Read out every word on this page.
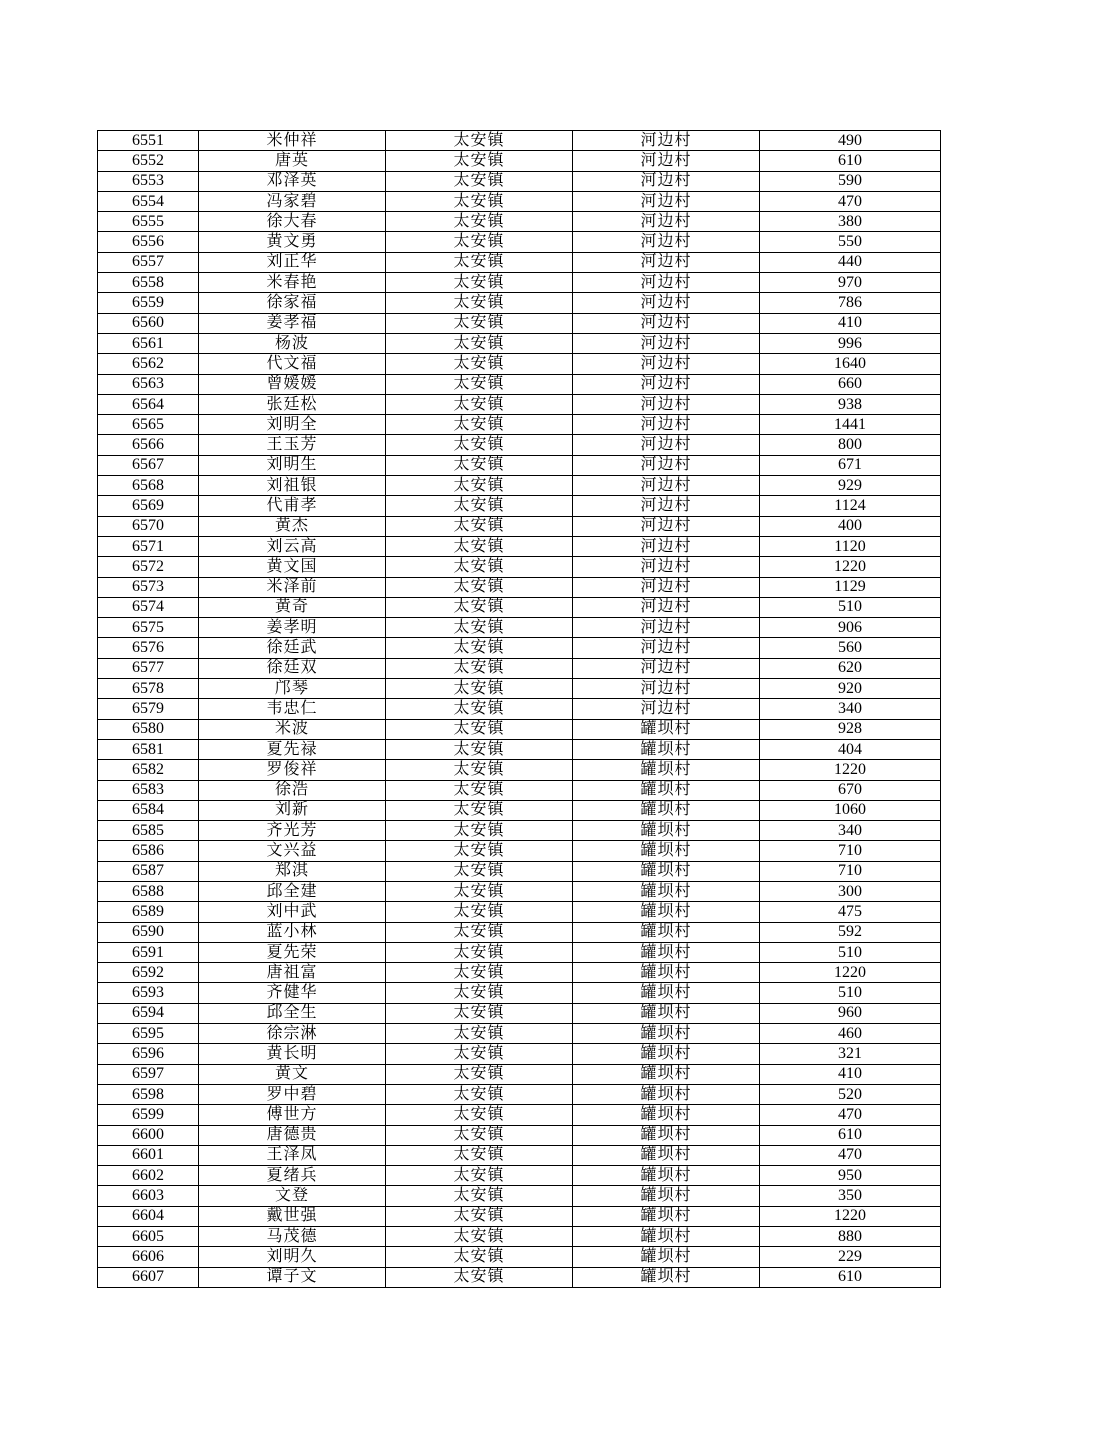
6551	米仲祥	太安镇	河边村	490
6552	唐英	太安镇	河边村	610
6553	邓泽英	太安镇	河边村	590
6554	冯家碧	太安镇	河边村	470
6555	徐大春	太安镇	河边村	380
6556	黄文勇	太安镇	河边村	550
6557	刘正华	太安镇	河边村	440
6558	米春艳	太安镇	河边村	970
6559	徐家福	太安镇	河边村	786
6560	姜孝福	太安镇	河边村	410
6561	杨波	太安镇	河边村	996
6562	代文福	太安镇	河边村	1640
6563	曾媛媛	太安镇	河边村	660
6564	张廷松	太安镇	河边村	938
6565	刘明全	太安镇	河边村	1441
6566	王玉芳	太安镇	河边村	800
6567	刘明生	太安镇	河边村	671
6568	刘祖银	太安镇	河边村	929
6569	代甫孝	太安镇	河边村	1124
6570	黄杰	太安镇	河边村	400
6571	刘云高	太安镇	河边村	1120
6572	黄文国	太安镇	河边村	1220
6573	米泽前	太安镇	河边村	1129
6574	黄奇	太安镇	河边村	510
6575	姜孝明	太安镇	河边村	906
6576	徐廷武	太安镇	河边村	560
6577	徐廷双	太安镇	河边村	620
6578	邝琴	太安镇	河边村	920
6579	韦忠仁	太安镇	河边村	340
6580	米波	太安镇	罐坝村	928
6581	夏先禄	太安镇	罐坝村	404
6582	罗俊祥	太安镇	罐坝村	1220
6583	徐浩	太安镇	罐坝村	670
6584	刘新	太安镇	罐坝村	1060
6585	齐光芳	太安镇	罐坝村	340
6586	文兴益	太安镇	罐坝村	710
6587	郑淇	太安镇	罐坝村	710
6588	邱全建	太安镇	罐坝村	300
6589	刘中武	太安镇	罐坝村	475
6590	蓝小林	太安镇	罐坝村	592
6591	夏先荣	太安镇	罐坝村	510
6592	唐祖富	太安镇	罐坝村	1220
6593	齐健华	太安镇	罐坝村	510
6594	邱全生	太安镇	罐坝村	960
6595	徐宗淋	太安镇	罐坝村	460
6596	黄长明	太安镇	罐坝村	321
6597	黄文	太安镇	罐坝村	410
6598	罗中碧	太安镇	罐坝村	520
6599	傅世方	太安镇	罐坝村	470
6600	唐德贵	太安镇	罐坝村	610
6601	王泽凤	太安镇	罐坝村	470
6602	夏绪兵	太安镇	罐坝村	950
6603	文登	太安镇	罐坝村	350
6604	戴世强	太安镇	罐坝村	1220
6605	马茂德	太安镇	罐坝村	880
6606	刘明久	太安镇	罐坝村	229
6607	谭子文	太安镇	罐坝村	610
